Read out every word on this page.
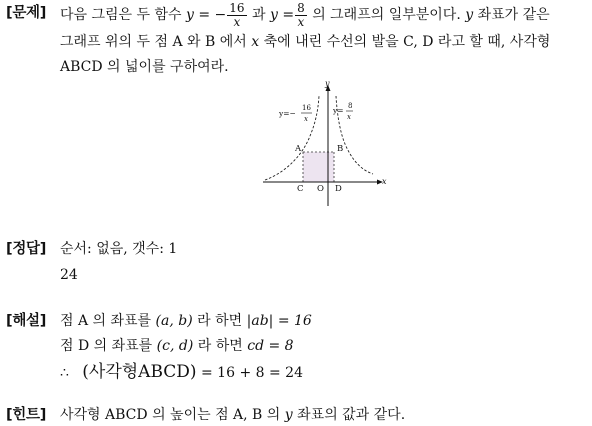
[문제] 다음 그림은 두 함수 y = − $\frac{16}{x}$ 과 $y = \frac{8}{x}$ 의 그래프의 일부분이다. y 좌표가 같은
그래프 위의 두 점 A 와 B 에서 x 축에 내린 수선의 발을 C, D 라고 할 때, 사각형
ABCD 의 넓이를 구하여라.
y=−
16
x
y= 8
x
y
x
A	B
C O D
[정답] 순서: 없음, 갯수: 1
24
[해설] 점 A 의 좌표를 (a, b) 라 하면 |ab| = 16
점 D 의 좌표를 (c, d) 라 하면 cd = 8
∴ (사각형ABCD) = 16 + 8 = 24
[힌트] 사각형 ABCD 의 높이는 점 A, B 의 y 좌표의 값과 같다.
